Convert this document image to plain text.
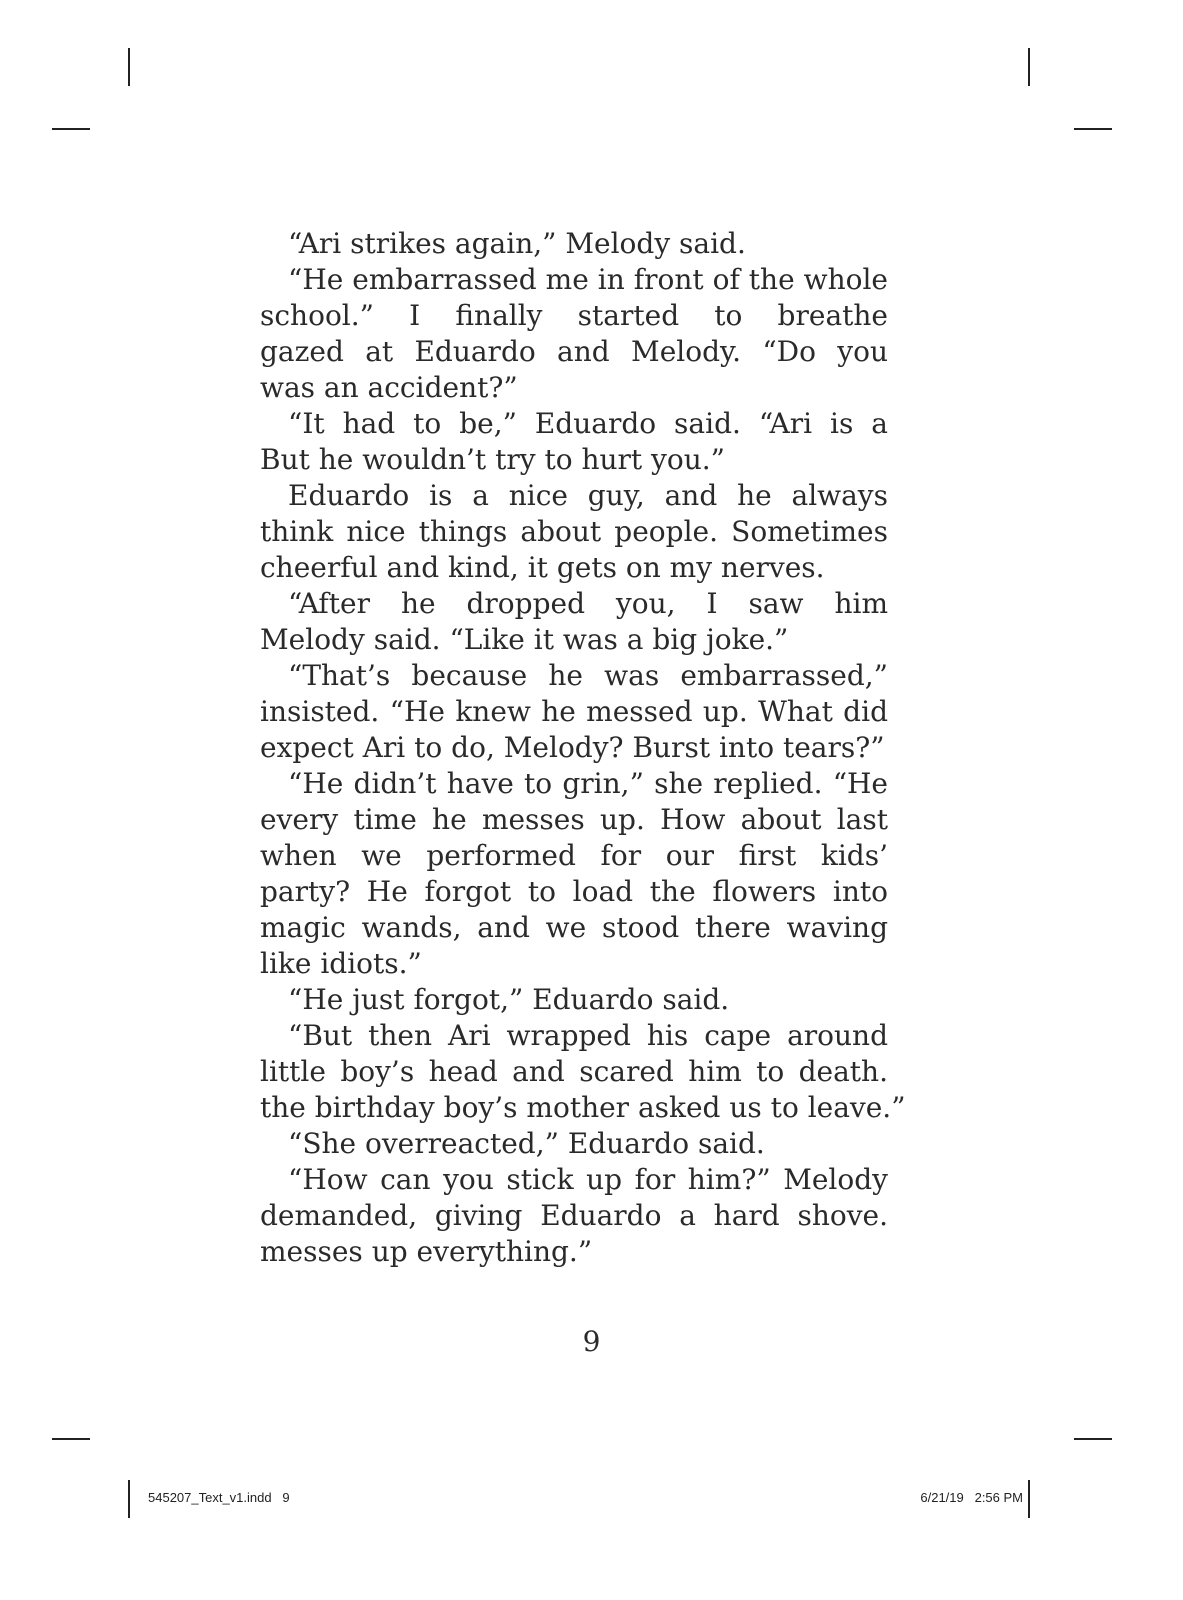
“Ari strikes again,” Melody said.
“He embarrassed me in front of the whole
school.” I finally started to breathe
gazed at Eduardo and Melody. “Do you
was an accident?”
“It had to be,” Eduardo said. “Ari is a
But he wouldn’t try to hurt you.”
Eduardo is a nice guy, and he always
think nice things about people. Sometimes
cheerful and kind, it gets on my nerves.
“After he dropped you, I saw him
Melody said. “Like it was a big joke.”
“That’s because he was embarrassed,”
insisted. “He knew he messed up. What did
expect Ari to do, Melody? Burst into tears?”
“He didn’t have to grin,” she replied. “He
every time he messes up. How about last
when we performed for our first kids’
party? He forgot to load the flowers into
magic wands, and we stood there waving
like idiots.”
“He just forgot,” Eduardo said.
“But then Ari wrapped his cape around
little boy’s head and scared him to death.
the birthday boy’s mother asked us to leave.”
“She overreacted,” Eduardo said.
“How can you stick up for him?” Melody
demanded, giving Eduardo a hard shove.
messes up everything.”
9
545207_Text_v1.indd   9	6/21/19   2:56 PM
